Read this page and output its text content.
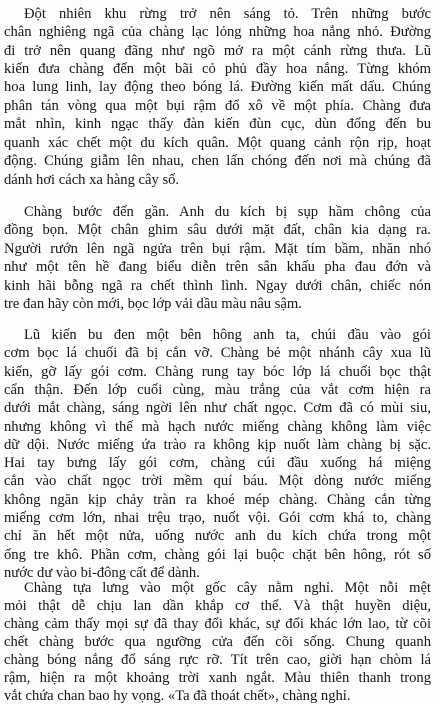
Đột nhiên khu rừng trở nên sáng tỏ. Trên những bước
chân nghiêng ngã của chàng lạc lỏng những hoa nắng nhỏ. Đường
đi trở nên quang đãng như ngõ mở ra một cánh rừng thưa. Lũ
kiến đưa chàng đến một bãi cỏ phủ đầy hoa nắng. Từng khóm
hoa lung linh, lay động theo bóng lá. Đường kiến mất dấu. Chúng
phân tán vòng qua một bụi rậm đổ xô về một phía. Chàng đưa
mắt nhìn, kinh ngạc thấy đàn kiến đùn cục, dùn đống đến bu
quanh xác chết một du kích quân. Một quang cảnh rộn rịp, hoạt
động. Chúng giẫm lên nhau, chen lấn chóng đến nơi mà chúng đã
dánh hơi cách xa hàng cây số.
Chàng bước đến gần. Anh du kích bị sụp hầm chông của
đồng bọn. Một chân ghim sâu dưới mặt đất, chân kia dạng ra.
Người rướn lên ngã ngửa trên bụi rậm. Mặt tím bầm, nhăn nhó
như một tên hề đang biểu diễn trên sân khấu pha đau đớn và
kinh hãi bỗng ngã ra chết thình lình. Ngay dưới chân, chiếc nón
tre đan hãy còn mới, bọc lớp vải dầu màu nâu sậm.
Lũ kiến bu đen một bên hông anh ta, chúi đầu vào gói
cơm bọc lá chuối đã bị cắn vỡ. Chàng bẻ một nhánh cây xua lũ
kiến, gỡ lấy gói cơm. Chàng rung tay bóc lớp lá chuối bọc thật
cẩn thận. Đến lớp cuối cùng, màu trắng của vắt cơm hiện ra
dưới mắt chàng, sáng ngời lên như chất ngọc. Cơm đã có mùi siu,
nhưng không vì thế mà hạch nước miếng chàng không làm việc
dữ dội. Nước miếng ứa trào ra không kịp nuốt làm chàng bị sặc.
Hai tay bưng lấy gói cơm, chàng cúi đầu xuống há miệng
cắn vào chất ngọc trời mềm quí báu. Một dòng nước miếng
không ngăn kịp chảy tràn ra khoé mép chàng. Chàng cắn từng
miếng cơm lớn, nhai trệu trạo, nuốt vội. Gói cơm khá to, chàng
chỉ ăn hết một nửa, uống nước anh du kích chứa trong một
ống tre khô. Phần cơm, chàng gói lại buộc chặt bên hông, rót số
nước dư vào bi-đông cất để dành.
Chàng tựa lưng vào một gốc cây nằm nghỉ. Một nỗi mệt
mỏi thật dễ chịu lan dần khắp cơ thể. Và thật huyền diệu,
chàng cảm thấy mọi sự đã thay đổi khác, sự đổi khác lớn lao, từ cõi
chết chàng bước qua ngưỡng cửa đến cõi sống. Chung quanh
chàng bóng nắng đổ sáng rực rỡ. Tít trên cao, giời hạn chòm lá
rậm, hiện ra một khoảng trời xanh ngắt. Màu thiên thanh trong
vắt chứa chan bao hy vọng. «Ta đã thoát chết», chàng nghỉ.
